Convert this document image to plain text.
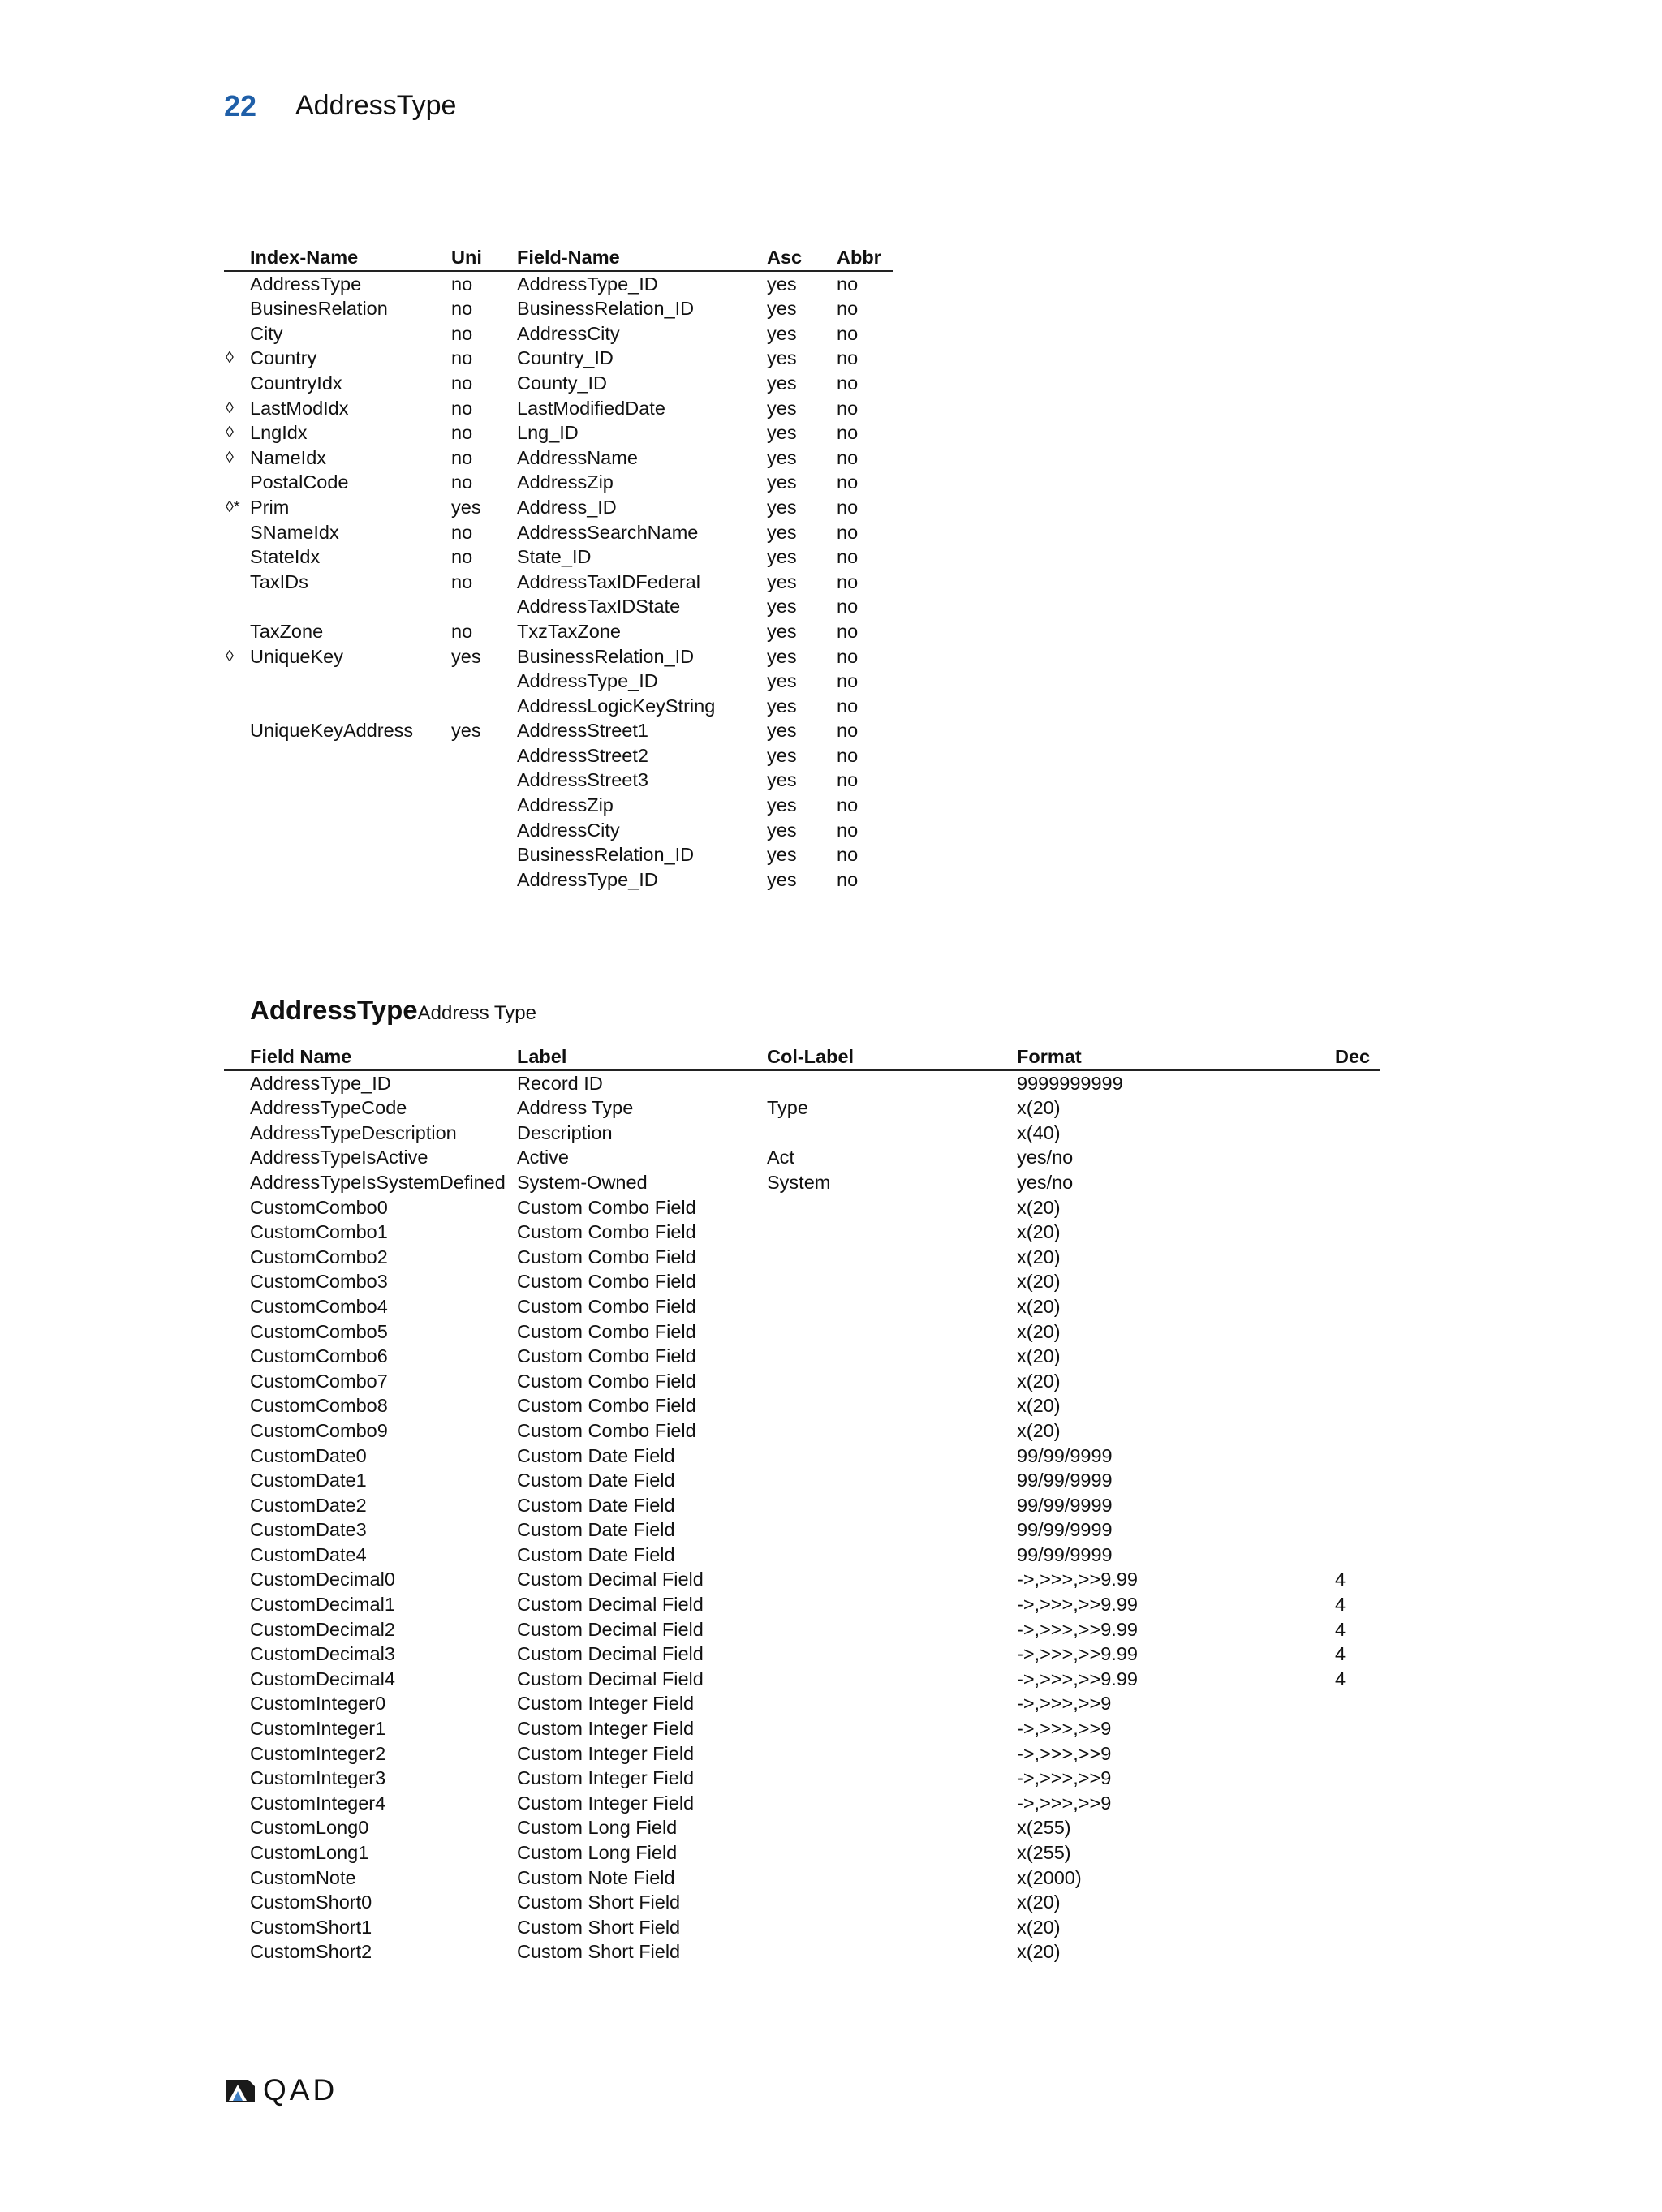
22 AddressType
	Index-Name	Uni	Field-Name	Asc	Abbr
	AddressType	no	AddressType_ID	yes	no
	BusinesRelation	no	BusinessRelation_ID	yes	no
	City	no	AddressCity	yes	no
◊	Country	no	Country_ID	yes	no
	CountryIdx	no	County_ID	yes	no
◊	LastModIdx	no	LastModifiedDate	yes	no
◊	LngIdx	no	Lng_ID	yes	no
◊	NameIdx	no	AddressName	yes	no
	PostalCode	no	AddressZip	yes	no
◊*	Prim	yes	Address_ID	yes	no
	SNameIdx	no	AddressSearchName	yes	no
	StateIdx	no	State_ID	yes	no
	TaxIDs	no	AddressTaxIDFederal	yes	no
			AddressTaxIDState	yes	no
	TaxZone	no	TxzTaxZone	yes	no
◊	UniqueKey	yes	BusinessRelation_ID	yes	no
			AddressType_ID	yes	no
			AddressLogicKeyString	yes	no
	UniqueKeyAddress	yes	AddressStreet1	yes	no
			AddressStreet2	yes	no
			AddressStreet3	yes	no
			AddressZip	yes	no
			AddressCity	yes	no
			BusinessRelation_ID	yes	no
			AddressType_ID	yes	no
AddressTypeAddress Type
	Field Name	Label	Col-Label	Format	Dec
	AddressType_ID	Record ID		9999999999	
	AddressTypeCode	Address Type	Type	x(20)	
	AddressTypeDescription	Description		x(40)	
	AddressTypeIsActive	Active	Act	yes/no	
	AddressTypeIsSystemDefined	System-Owned	System	yes/no	
	CustomCombo0	Custom Combo Field		x(20)	
	CustomCombo1	Custom Combo Field		x(20)	
	CustomCombo2	Custom Combo Field		x(20)	
	CustomCombo3	Custom Combo Field		x(20)	
	CustomCombo4	Custom Combo Field		x(20)	
	CustomCombo5	Custom Combo Field		x(20)	
	CustomCombo6	Custom Combo Field		x(20)	
	CustomCombo7	Custom Combo Field		x(20)	
	CustomCombo8	Custom Combo Field		x(20)	
	CustomCombo9	Custom Combo Field		x(20)	
	CustomDate0	Custom Date Field		99/99/9999	
	CustomDate1	Custom Date Field		99/99/9999	
	CustomDate2	Custom Date Field		99/99/9999	
	CustomDate3	Custom Date Field		99/99/9999	
	CustomDate4	Custom Date Field		99/99/9999	
	CustomDecimal0	Custom Decimal Field		->,>>>,>>9.99	4
	CustomDecimal1	Custom Decimal Field		->,>>>,>>9.99	4
	CustomDecimal2	Custom Decimal Field		->,>>>,>>9.99	4
	CustomDecimal3	Custom Decimal Field		->,>>>,>>9.99	4
	CustomDecimal4	Custom Decimal Field		->,>>>,>>9.99	4
	CustomInteger0	Custom Integer Field		->,>>>,>>9	
	CustomInteger1	Custom Integer Field		->,>>>,>>9	
	CustomInteger2	Custom Integer Field		->,>>>,>>9	
	CustomInteger3	Custom Integer Field		->,>>>,>>9	
	CustomInteger4	Custom Integer Field		->,>>>,>>9	
	CustomLong0	Custom Long Field		x(255)	
	CustomLong1	Custom Long Field		x(255)	
	CustomNote	Custom Note Field		x(2000)	
	CustomShort0	Custom Short Field		x(20)	
	CustomShort1	Custom Short Field		x(20)	
	CustomShort2	Custom Short Field		x(20)	
QAD
